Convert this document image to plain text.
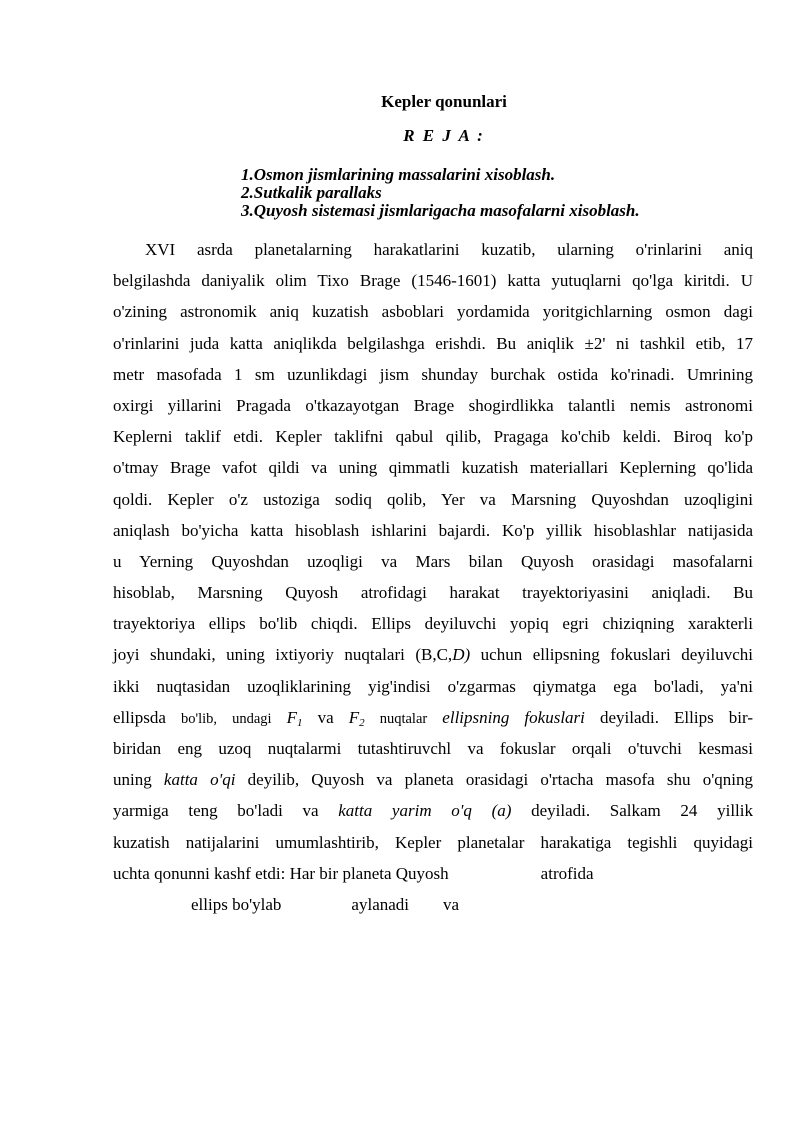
Kepler qonunlari
R E J A :
1.Osmon jismlarining massalarini xisoblash.
2.Sutkalik parallaks
3.Quyosh sistemasi jismlarigacha masofalarni xisoblash.
XVI asrda planetalarning harakatlarini kuzatib, ularning o'rinlarini aniq
belgilashda daniyalik olim Tixo Brage (1546-1601) katta yutuqlarni qo'lga kiritdi. U
o'zining astronomik aniq kuzatish asboblari yordamida yoritgichlarning osmon dagi
o'rinlarini juda katta aniqlikda belgilashga erishdi. Bu aniqlik ±2' ni tashkil etib, 17
metr masofada 1 sm uzunlikdagi jism shunday burchak ostida ko'rinadi. Umrining
oxirgi yillarini Pragada o'tkazayotgan Brage shogirdlikka talantli nemis astronomi
Keplerni taklif etdi. Kepler taklifni qabul qilib, Pragaga ko'chib keldi. Biroq ko'p
o'tmay Brage vafot qildi va uning qimmatli kuzatish materiallari Keplerning qo'lida
qoldi. Kepler o'z ustoziga sodiq qolib, Yer va Marsning Quyoshdan uzoqligini
aniqlash bo'yicha katta hisoblash ishlarini bajardi. Ko'p yillik hisoblashlar natijasida
u Yerning Quyoshdan uzoqligi va Mars bilan Quyosh orasidagi masofalarni
hisoblab, Marsning Quyosh atrofidagi harakat trayektoriyasini aniqladi. Bu
trayektoriya ellips bo'lib chiqdi. Ellips deyiluvchi yopiq egri chiziqning xarakterli
joyi shundaki, uning ixtiyoriy nuqtalari (B,C,D) uchun ellipsning fokuslari deyiluvchi
ikki nuqtasidan uzoqliklarining yig'indisi o'zgarmas qiymatga ega bo'ladi, ya'ni
ellipsda bo'lib, undagi $F_1$ va $F_2$ nuqtalar ellipsning fokuslari deyiladi. Ellips bir-
biridan eng uzoq nuqtalarmi tutashtiruvchl va fokuslar orqali o'tuvchi kesmasi
uning katta o'qi deyilib, Quyosh va planeta orasidagi o'rtacha masofa shu o'qning
yarmiga teng bo'ladi va katta yarim o'q (a) deyiladi. Salkam 24 yillik
kuzatish natijalarini umumlashtirib, Kepler planetalar harakatiga tegishli quyidagi
uchta qonunni kashf etdi: Har bir planeta Quyosh	atrofida
ellips bo'ylab	aylanadi va
